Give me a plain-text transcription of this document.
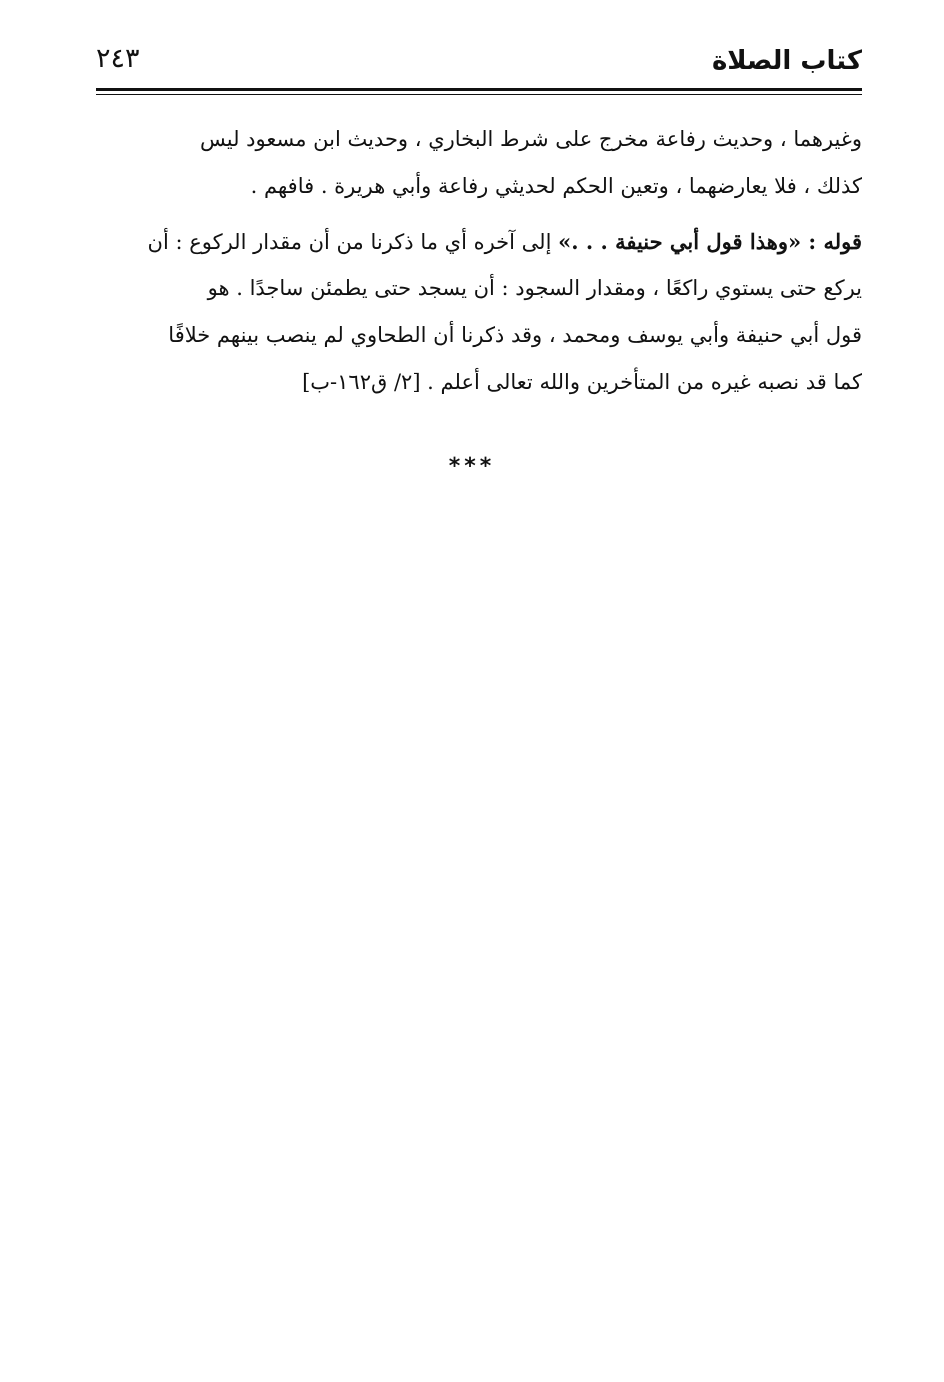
كتاب الصلاة
٢٤٣
وغيرهما ، وحديث رفاعة مخرج على شرط البخاري ، وحديث ابن مسعود ليس
كذلك ، فلا يعارضهما ، وتعين الحكم لحديثي رفاعة وأبي هريرة . فافهم .
قوله : «وهذا قول أبي حنيفة . . .» إلى آخره أي ما ذكرنا من أن مقدار الركوع : أن
يركع حتى يستوي راكعًا ، ومقدار السجود : أن يسجد حتى يطمئن ساجدًا . هو
قول أبي حنيفة وأبي يوسف ومحمد ، وقد ذكرنا أن الطحاوي لم ينصب بينهم خلافًا
كما قد نصبه غيره من المتأخرين والله تعالى أعلم . [٢/ ق١٦٢-ب]
***
